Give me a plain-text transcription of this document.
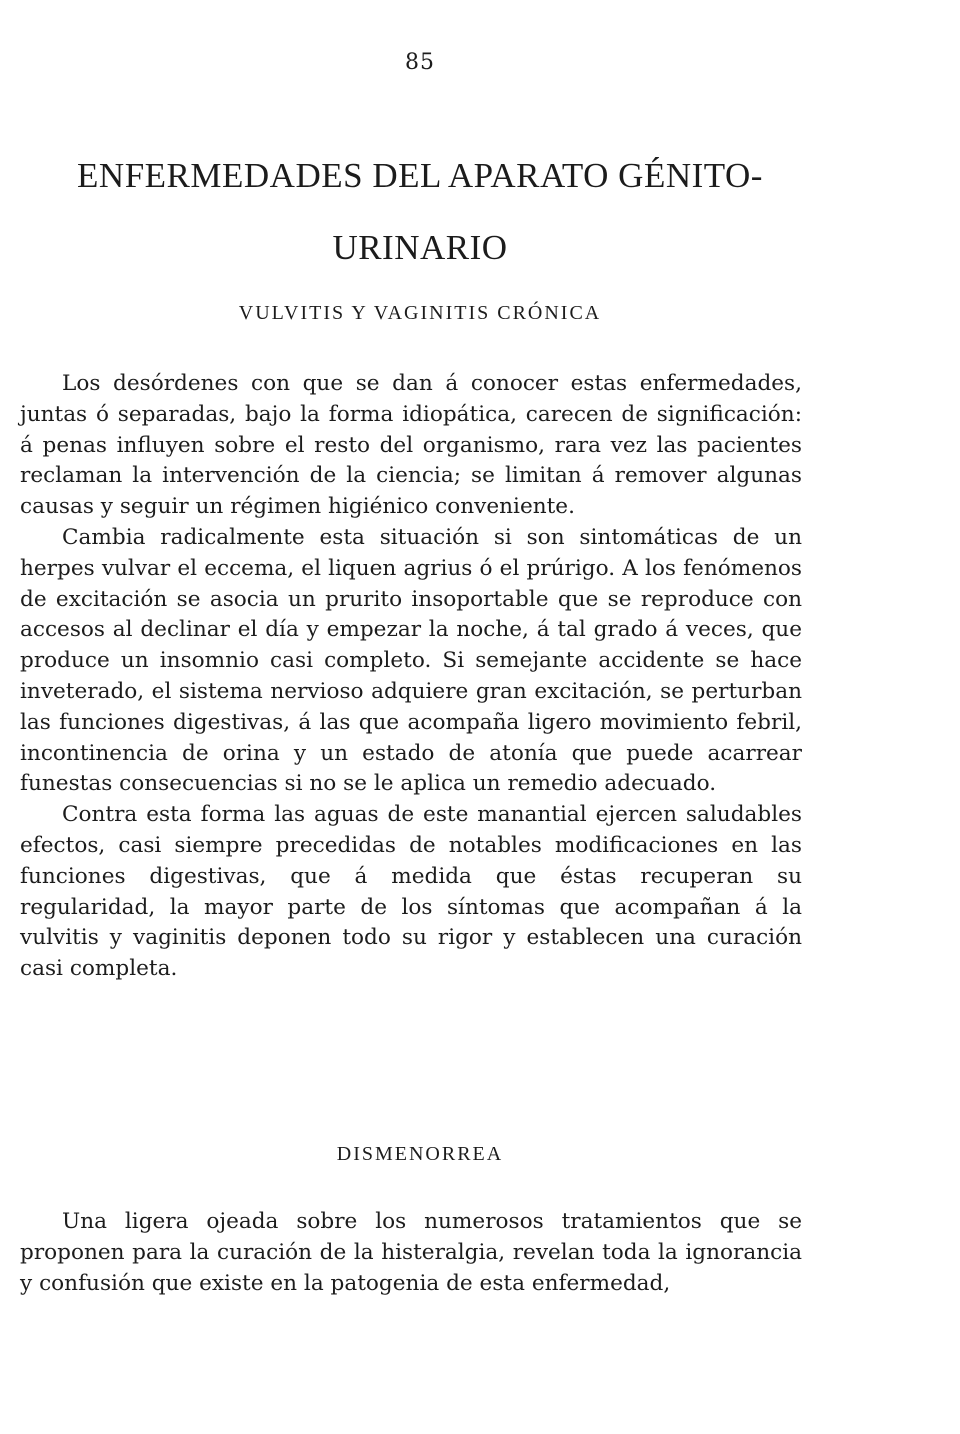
85
ENFERMEDADES DEL APARATO GÉNITO-URINARIO
VULVITIS Y VAGINITIS CRÓNICA

Los desórdenes con que se dan á conocer estas enfermedades, juntas ó separadas, bajo la forma idiopática, carecen de significación: á penas influyen sobre el resto del organismo, rara vez las pacientes reclaman la intervención de la ciencia; se limitan á remover algunas causas y seguir un régimen higiénico conveniente.

Cambia radicalmente esta situación si son sintomáticas de un herpes vulvar el eccema, el liquen agrius ó el prúrigo. A los fenómenos de excitación se asocia un prurito insoportable que se reproduce con accesos al declinar el día y empezar la noche, á tal grado á veces, que produce un insomnio casi completo. Si semejante accidente se hace inveterado, el sistema nervioso adquiere gran excitación, se perturban las funciones digestivas, á las que acompaña ligero movimiento febril, incontinencia de orina y un estado de atonía que puede acarrear funestas consecuencias si no se le aplica un remedio adecuado.

Contra esta forma las aguas de este manantial ejercen saludables efectos, casi siempre precedidas de notables modificaciones en las funciones digestivas, que á medida que éstas recuperan su regularidad, la mayor parte de los síntomas que acompañan á la vulvitis y vaginitis deponen todo su rigor y establecen una curación casi completa.

DISMENORREA

Una ligera ojeada sobre los numerosos tratamientos que se proponen para la curación de la histeralgia, revelan toda la ignorancia y confusión que existe en la patogenia de esta enfermedad,
